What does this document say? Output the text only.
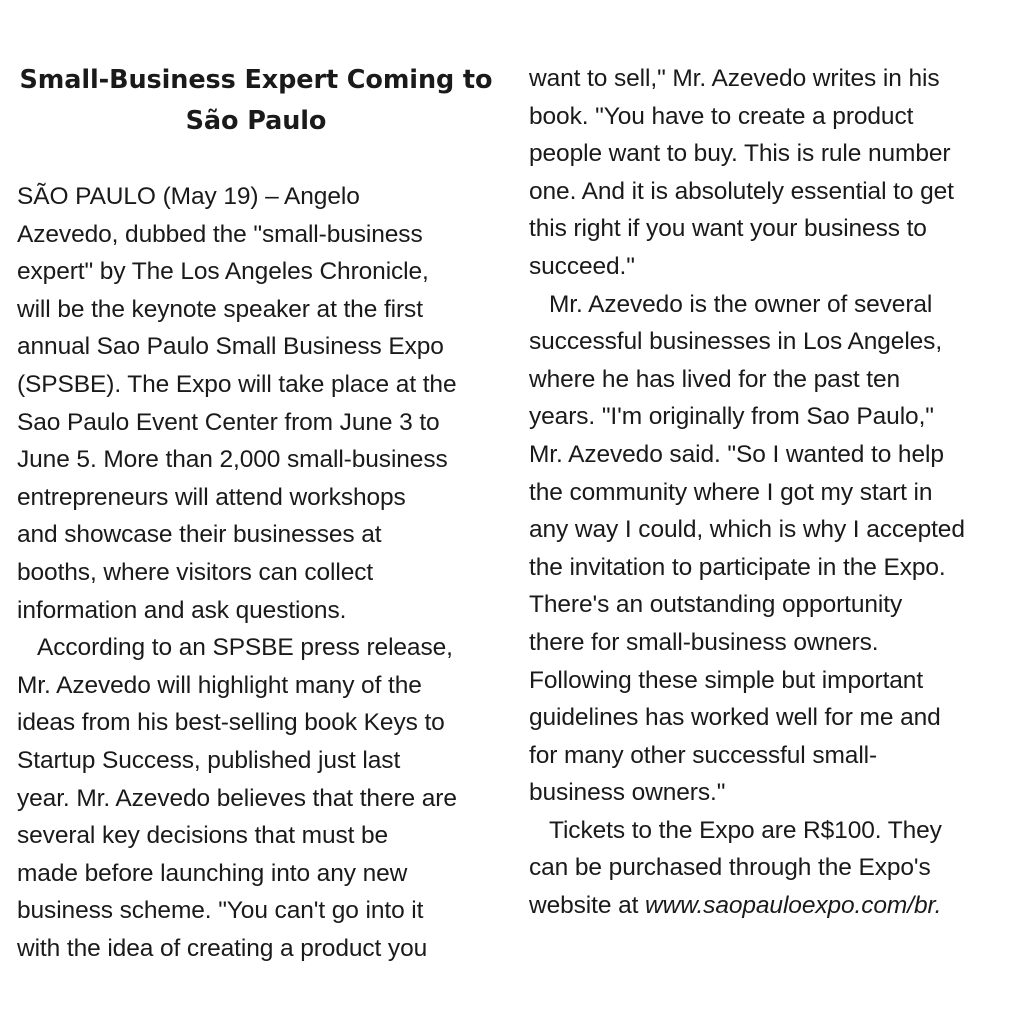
Small-Business Expert Coming to
São Paulo

SÃO PAULO (May 19) – Angelo
Azevedo, dubbed the "small-business
expert" by The Los Angeles Chronicle,
will be the keynote speaker at the first
annual Sao Paulo Small Business Expo
(SPSBE). The Expo will take place at the
Sao Paulo Event Center from June 3 to
June 5. More than 2,000 small-business
entrepreneurs will attend workshops
and showcase their businesses at
booths, where visitors can collect
information and ask questions.

According to an SPSBE press release,
Mr. Azevedo will highlight many of the
ideas from his best-selling book Keys to
Startup Success, published just last
year. Mr. Azevedo believes that there are
several key decisions that must be
made before launching into any new
business scheme. "You can't go into it
with the idea of creating a product you

want to sell," Mr. Azevedo writes in his
book. "You have to create a product
people want to buy. This is rule number
one. And it is absolutely essential to get
this right if you want your business to
succeed."

Mr. Azevedo is the owner of several
successful businesses in Los Angeles,
where he has lived for the past ten
years. "I'm originally from Sao Paulo,"
Mr. Azevedo said. "So I wanted to help
the community where I got my start in
any way I could, which is why I accepted
the invitation to participate in the Expo.
There's an outstanding opportunity
there for small-business owners.
Following these simple but important
guidelines has worked well for me and
for many other successful small-
business owners."

Tickets to the Expo are R$100. They
can be purchased through the Expo's
website at www.saopauloexpo.com/br.
